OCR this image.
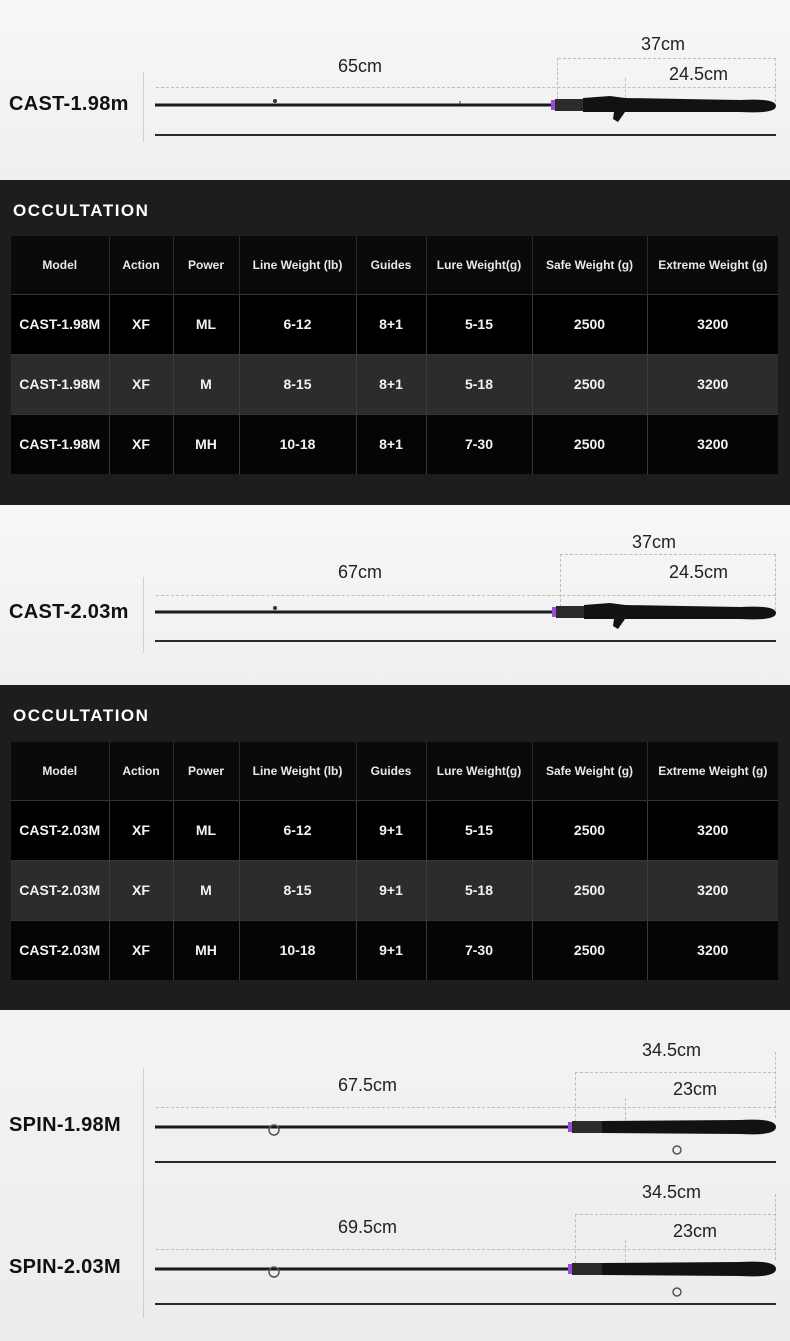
CAST-1.98m
65cm
37cm
24.5cm
OCCULTATION
Model	Action	Power	Line Weight (lb)	Guides	Lure Weight(g)	Safe Weight (g)	Extreme Weight (g)
CAST-1.98M	XF	ML	6-12	8+1	5-15	2500	3200
CAST-1.98M	XF	M	8-15	8+1	5-18	2500	3200
CAST-1.98M	XF	MH	10-18	8+1	7-30	2500	3200
CAST-2.03m
67cm
37cm
24.5cm
OCCULTATION
Model	Action	Power	Line Weight (lb)	Guides	Lure Weight(g)	Safe Weight (g)	Extreme Weight (g)
CAST-2.03M	XF	ML	6-12	9+1	5-15	2500	3200
CAST-2.03M	XF	M	8-15	9+1	5-18	2500	3200
CAST-2.03M	XF	MH	10-18	9+1	7-30	2500	3200
SPIN-1.98M
67.5cm
34.5cm
23cm
SPIN-2.03M
69.5cm
34.5cm
23cm
